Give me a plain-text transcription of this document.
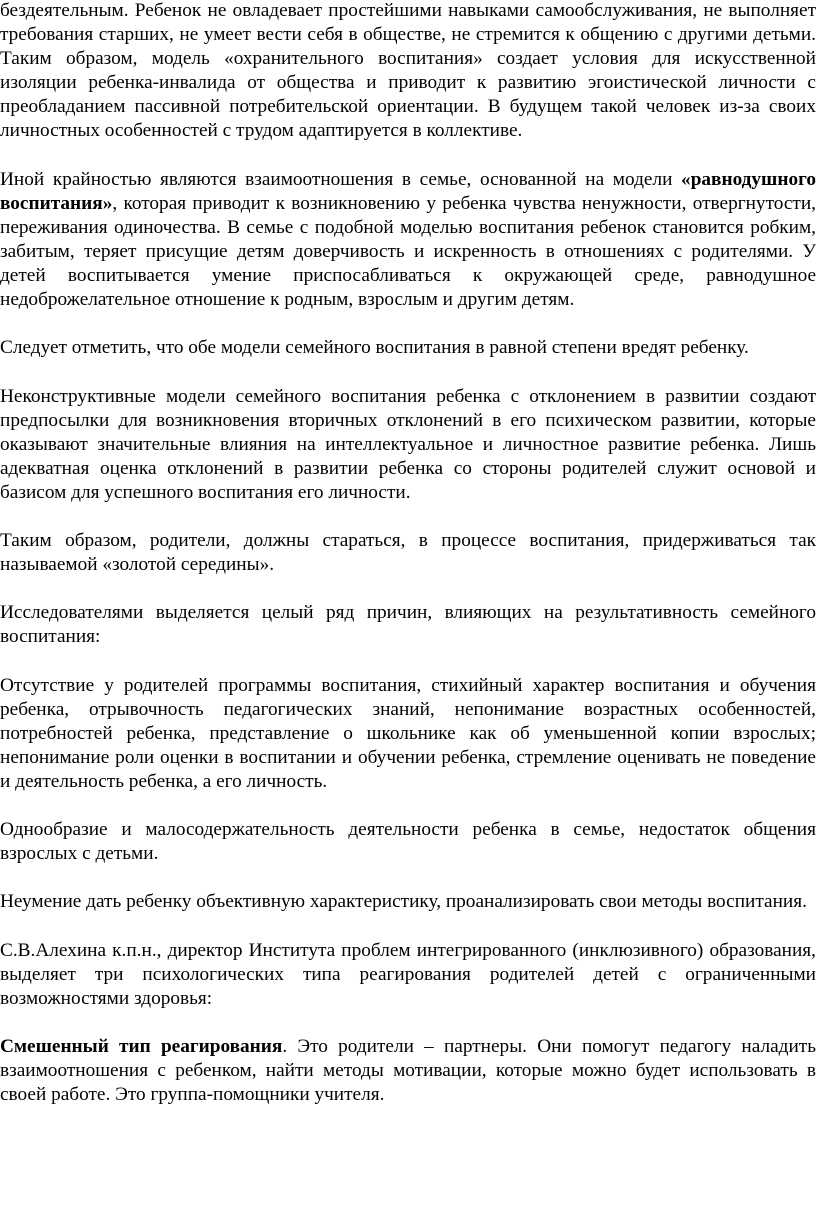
бездеятельным. Ребенок не овладевает простейшими навыками самообслуживания, не выполняет требования старших, не умеет вести себя в обществе, не стремится к общению с другими детьми. Таким образом, модель «охранительного воспитания» создает условия для искусственной изоляции ребенка-инвалида от общества и приводит к развитию эгоистической личности с преобладанием пассивной потребительской ориентации. В будущем такой человек из-за своих личностных особенностей с трудом адаптируется в коллективе.

Иной крайностью являются взаимоотношения в семье, основанной на модели «равнодушного воспитания», которая приводит к возникновению у ребенка чувства ненужности, отвергнутости, переживания одиночества. В семье с подобной моделью воспитания ребенок становится робким, забитым, теряет присущие детям доверчивость и искренность в отношениях с родителями. У детей воспитывается умение приспосабливаться к окружающей среде, равнодушное недоброжелательное отношение к родным, взрослым и другим детям.

Следует отметить, что обе модели семейного воспитания в равной степени вредят ребенку.

Неконструктивные модели семейного воспитания ребенка с отклонением в развитии создают предпосылки для возникновения вторичных отклонений в его психическом развитии, которые оказывают значительные влияния на интеллектуальное и личностное развитие ребенка. Лишь адекватная оценка отклонений в развитии ребенка со стороны родителей служит основой и базисом для успешного воспитания его личности.

Таким образом, родители, должны стараться, в процессе воспитания, придерживаться так называемой «золотой середины».

Исследователями выделяется целый ряд причин, влияющих на результативность семейного воспитания:

Отсутствие у родителей программы воспитания, стихийный характер воспитания и обучения ребенка, отрывочность педагогических знаний, непонимание возрастных особенностей, потребностей ребенка, представление о школьнике как об уменьшенной копии взрослых; непонимание роли оценки в воспитании и обучении ребенка, стремление оценивать не поведение и деятельность ребенка, а его личность.

Однообразие и малосодержательность деятельности ребенка в семье, недостаток общения взрослых с детьми.

Неумение дать ребенку объективную характеристику, проанализировать свои методы воспитания.

С.В.Алехина к.п.н., директор Института проблем интегрированного (инклюзивного) образования, выделяет три психологических типа реагирования родителей детей с ограниченными возможностями здоровья:

Смешенный тип реагирования. Это родители – партнеры. Они помогут педагогу наладить взаимоотношения с ребенком, найти методы мотивации, которые можно будет использовать в своей работе. Это группа-помощники учителя.
